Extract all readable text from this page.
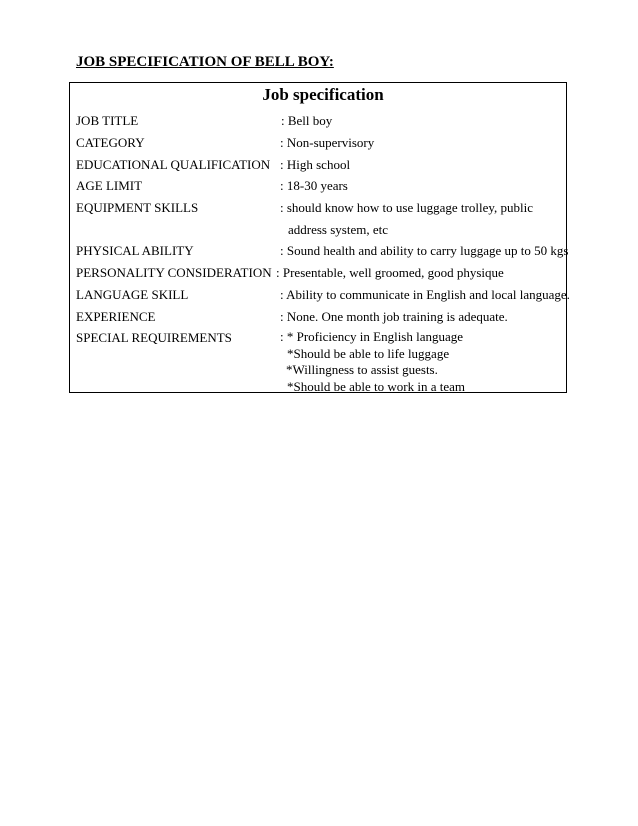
JOB SPECIFICATION OF BELL BOY:
Job specification
JOB TITLE	: Bell boy
CATEGORY	: Non-supervisory
EDUCATIONAL QUALIFICATION : High school
AGE LIMIT	: 18-30 years
EQUIPMENT SKILLS	: should know how to use luggage trolley, public
address system, etc
PHYSICAL ABILITY	: Sound health and ability to carry luggage up to 50 kgs
PERSONALITY CONSIDERATION : Presentable, well groomed, good physique
LANGUAGE SKILL	: Ability to communicate in English and local language.
EXPERIENCE	: None. One month job training is adequate.
SPECIAL REQUIREMENTS	: * Proficiency in English language
*Should be able to life luggage
*Willingness to assist guests.
*Should be able to work in a team
